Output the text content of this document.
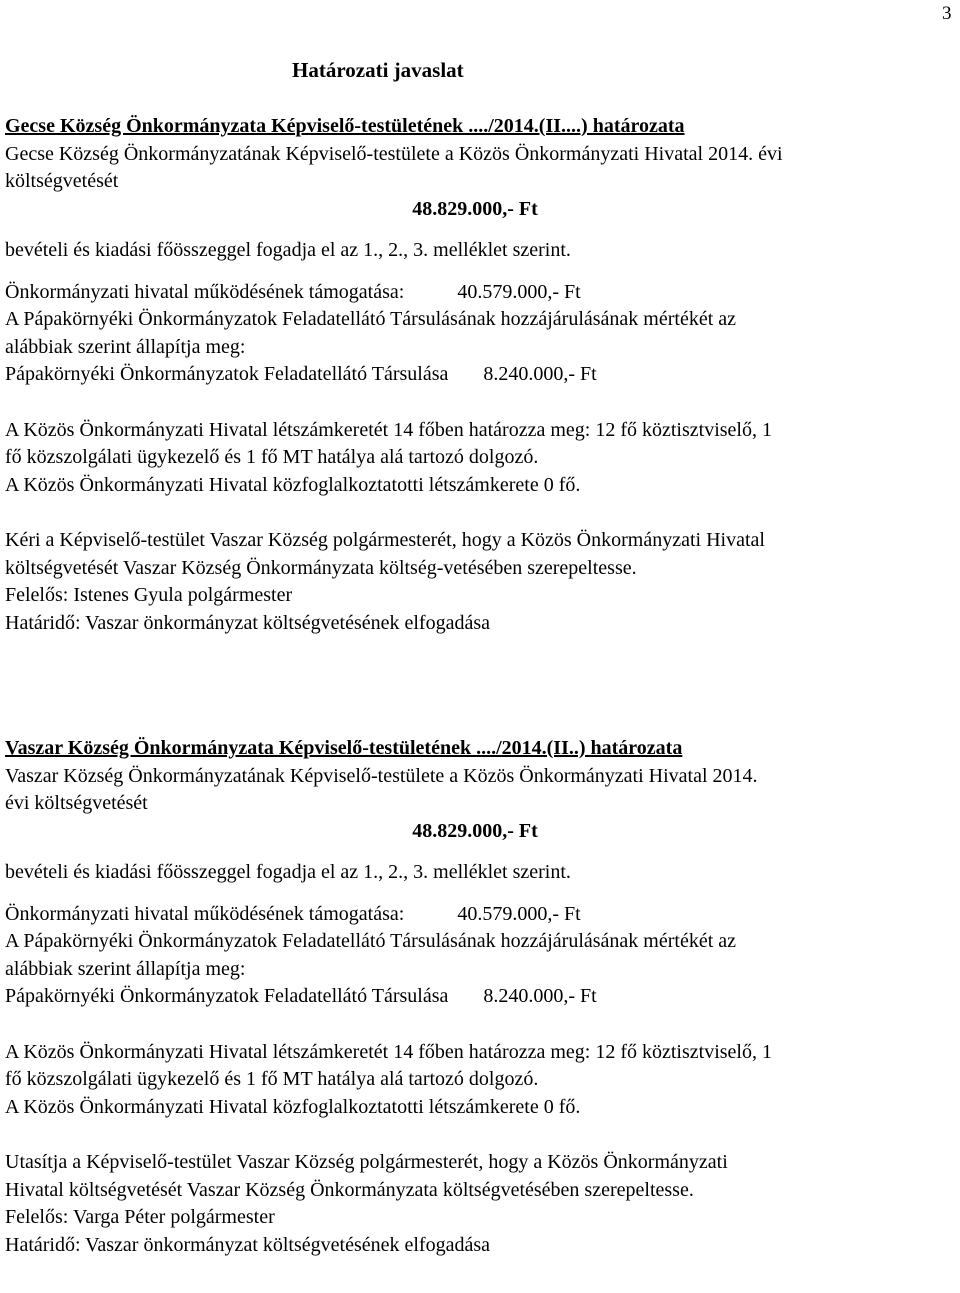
3
Határozati javaslat

Gecse Község Önkormányzata Képviselő-testületének ..../2014.(II....) határozata

Gecse Község Önkormányzatának Képviselő-testülete a Közös Önkormányzati Hivatal 2014. évi

költségvetését

48.829.000,- Ft

bevételi és kiadási főösszeggel fogadja el az 1., 2., 3. melléklet szerint.

Önkormányzati hivatal működésének támogatása:	40.579.000,- Ft

A Pápakörnyéki Önkormányzatok Feladatellátó Társulásának hozzájárulásának mértékét az

alábbiak szerint állapítja meg:

Pápakörnyéki Önkormányzatok Feladatellátó Társulása 8.240.000,- Ft

A Közös Önkormányzati Hivatal létszámkeretét 14 főben határozza meg: 12 fő köztisztviselő, 1

fő közszolgálati ügykezelő és 1 fő MT hatálya alá tartozó dolgozó.

A Közös Önkormányzati Hivatal közfoglalkoztatotti létszámkerete 0 fő.

Kéri a Képviselő-testület Vaszar Község polgármesterét, hogy a Közös Önkormányzati Hivatal

költségvetését Vaszar Község Önkormányzata költség-vetésében szerepeltesse.

Felelős: Istenes Gyula polgármester

Határidő: Vaszar önkormányzat költségvetésének elfogadása

Vaszar Község Önkormányzata Képviselő-testületének ..../2014.(II..) határozata

Vaszar Község Önkormányzatának Képviselő-testülete a Közös Önkormányzati Hivatal 2014.

évi költségvetését

48.829.000,- Ft

bevételi és kiadási főösszeggel fogadja el az 1., 2., 3. melléklet szerint.

Önkormányzati hivatal működésének támogatása:	40.579.000,- Ft

A Pápakörnyéki Önkormányzatok Feladatellátó Társulásának hozzájárulásának mértékét az

alábbiak szerint állapítja meg:

Pápakörnyéki Önkormányzatok Feladatellátó Társulása 8.240.000,- Ft

A Közös Önkormányzati Hivatal létszámkeretét 14 főben határozza meg: 12 fő köztisztviselő, 1

fő közszolgálati ügykezelő és 1 fő MT hatálya alá tartozó dolgozó.

A Közös Önkormányzati Hivatal közfoglalkoztatotti létszámkerete 0 fő.

Utasítja a Képviselő-testület Vaszar Község polgármesterét, hogy a Közös Önkormányzati

Hivatal költségvetését Vaszar Község Önkormányzata költségvetésében szerepeltesse.

Felelős: Varga Péter polgármester

Határidő: Vaszar önkormányzat költségvetésének elfogadása
